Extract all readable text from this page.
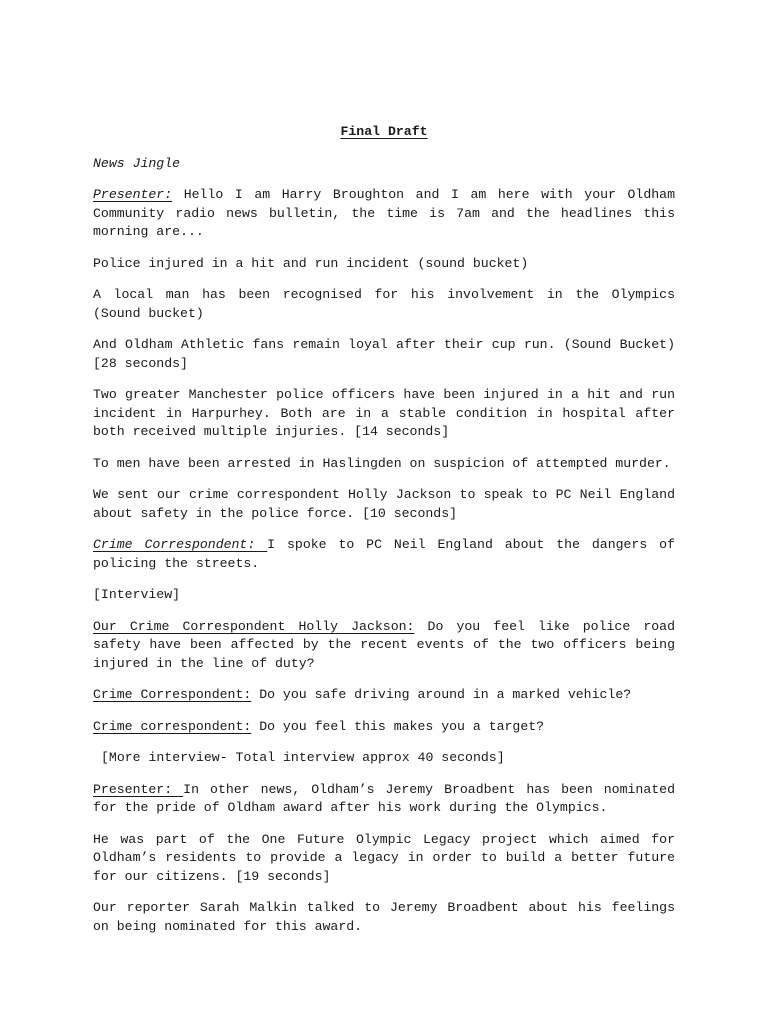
Final Draft

News Jingle

Presenter: Hello I am Harry Broughton and I am here with your Oldham Community radio news bulletin, the time is 7am and the headlines this morning are...

Police injured in a hit and run incident (sound bucket)

A local man has been recognised for his involvement in the Olympics (Sound bucket)

And Oldham Athletic fans remain loyal after their cup run. (Sound Bucket) [28 seconds]

Two greater Manchester police officers have been injured in a hit and run incident in Harpurhey. Both are in a stable condition in hospital after both received multiple injuries. [14 seconds]

To men have been arrested in Haslingden on suspicion of attempted murder.

We sent our crime correspondent Holly Jackson to speak to PC Neil England about safety in the police force. [10 seconds]

Crime Correspondent: I spoke to PC Neil England about the dangers of policing the streets.

[Interview]

Our Crime Correspondent Holly Jackson: Do you feel like police road safety have been affected by the recent events of the two officers being injured in the line of duty?

Crime Correspondent: Do you safe driving around in a marked vehicle?

Crime correspondent: Do you feel this makes you a target?

[More interview- Total interview approx 40 seconds]

Presenter: In other news, Oldham’s Jeremy Broadbent has been nominated for the pride of Oldham award after his work during the Olympics.

He was part of the One Future Olympic Legacy project which aimed for Oldham’s residents to provide a legacy in order to build a better future for our citizens. [19 seconds]

Our reporter Sarah Malkin talked to Jeremy Broadbent about his feelings on being nominated for this award.
